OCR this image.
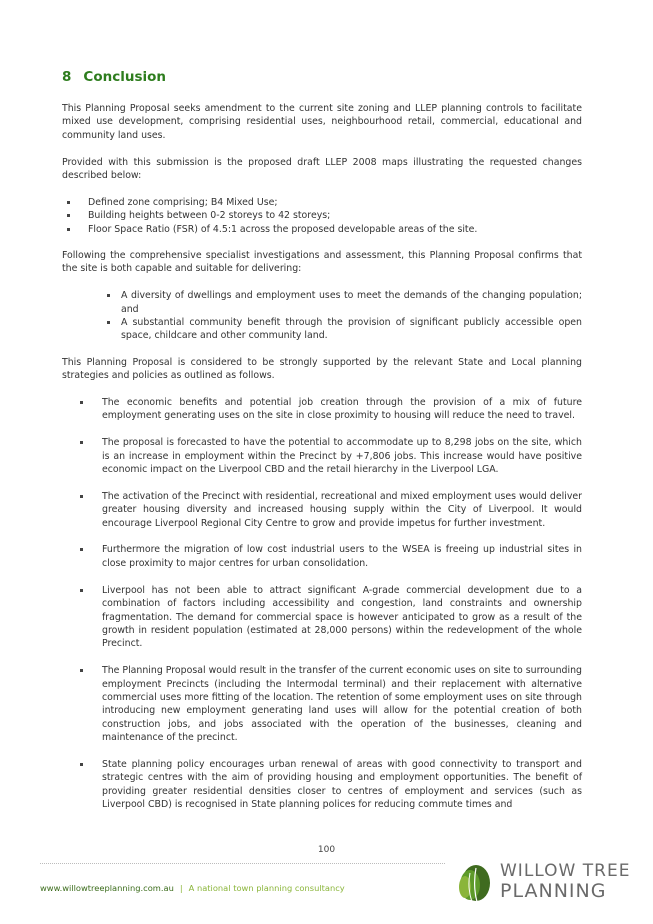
8 Conclusion

This Planning Proposal seeks amendment to the current site zoning and LLEP planning controls to facilitate mixed use development, comprising residential uses, neighbourhood retail, commercial, educational and community land uses.

Provided with this submission is the proposed draft LLEP 2008 maps illustrating the requested changes described below:

Defined zone comprising; B4 Mixed Use;
Building heights between 0-2 storeys to 42 storeys;
Floor Space Ratio (FSR) of 4.5:1 across the proposed developable areas of the site.

Following the comprehensive specialist investigations and assessment, this Planning Proposal confirms that the site is both capable and suitable for delivering:

A diversity of dwellings and employment uses to meet the demands of the changing population; and
A substantial community benefit through the provision of significant publicly accessible open space, childcare and other community land.

This Planning Proposal is considered to be strongly supported by the relevant State and Local planning strategies and policies as outlined as follows.

The economic benefits and potential job creation through the provision of a mix of future employment generating uses on the site in close proximity to housing will reduce the need to travel.
The proposal is forecasted to have the potential to accommodate up to 8,298 jobs on the site, which is an increase in employment within the Precinct by +7,806 jobs. This increase would have positive economic impact on the Liverpool CBD and the retail hierarchy in the Liverpool LGA.
The activation of the Precinct with residential, recreational and mixed employment uses would deliver greater housing diversity and increased housing supply within the City of Liverpool. It would encourage Liverpool Regional City Centre to grow and provide impetus for further investment.
Furthermore the migration of low cost industrial users to the WSEA is freeing up industrial sites in close proximity to major centres for urban consolidation.
Liverpool has not been able to attract significant A-grade commercial development due to a combination of factors including accessibility and congestion, land constraints and ownership fragmentation. The demand for commercial space is however anticipated to grow as a result of the growth in resident population (estimated at 28,000 persons) within the redevelopment of the whole Precinct.
The Planning Proposal would result in the transfer of the current economic uses on site to surrounding employment Precincts (including the Intermodal terminal) and their replacement with alternative commercial uses more fitting of the location. The retention of some employment uses on site through introducing new employment generating land uses will allow for the potential creation of both construction jobs, and jobs associated with the operation of the businesses, cleaning and maintenance of the precinct.
State planning policy encourages urban renewal of areas with good connectivity to transport and strategic centres with the aim of providing housing and employment opportunities. The benefit of providing greater residential densities closer to centres of employment and services (such as Liverpool CBD) is recognised in State planning polices for reducing commute times and
100
www.willowtreeplanning.com.au | A national town planning consultancy
WILLOW TREE
PLANNING
